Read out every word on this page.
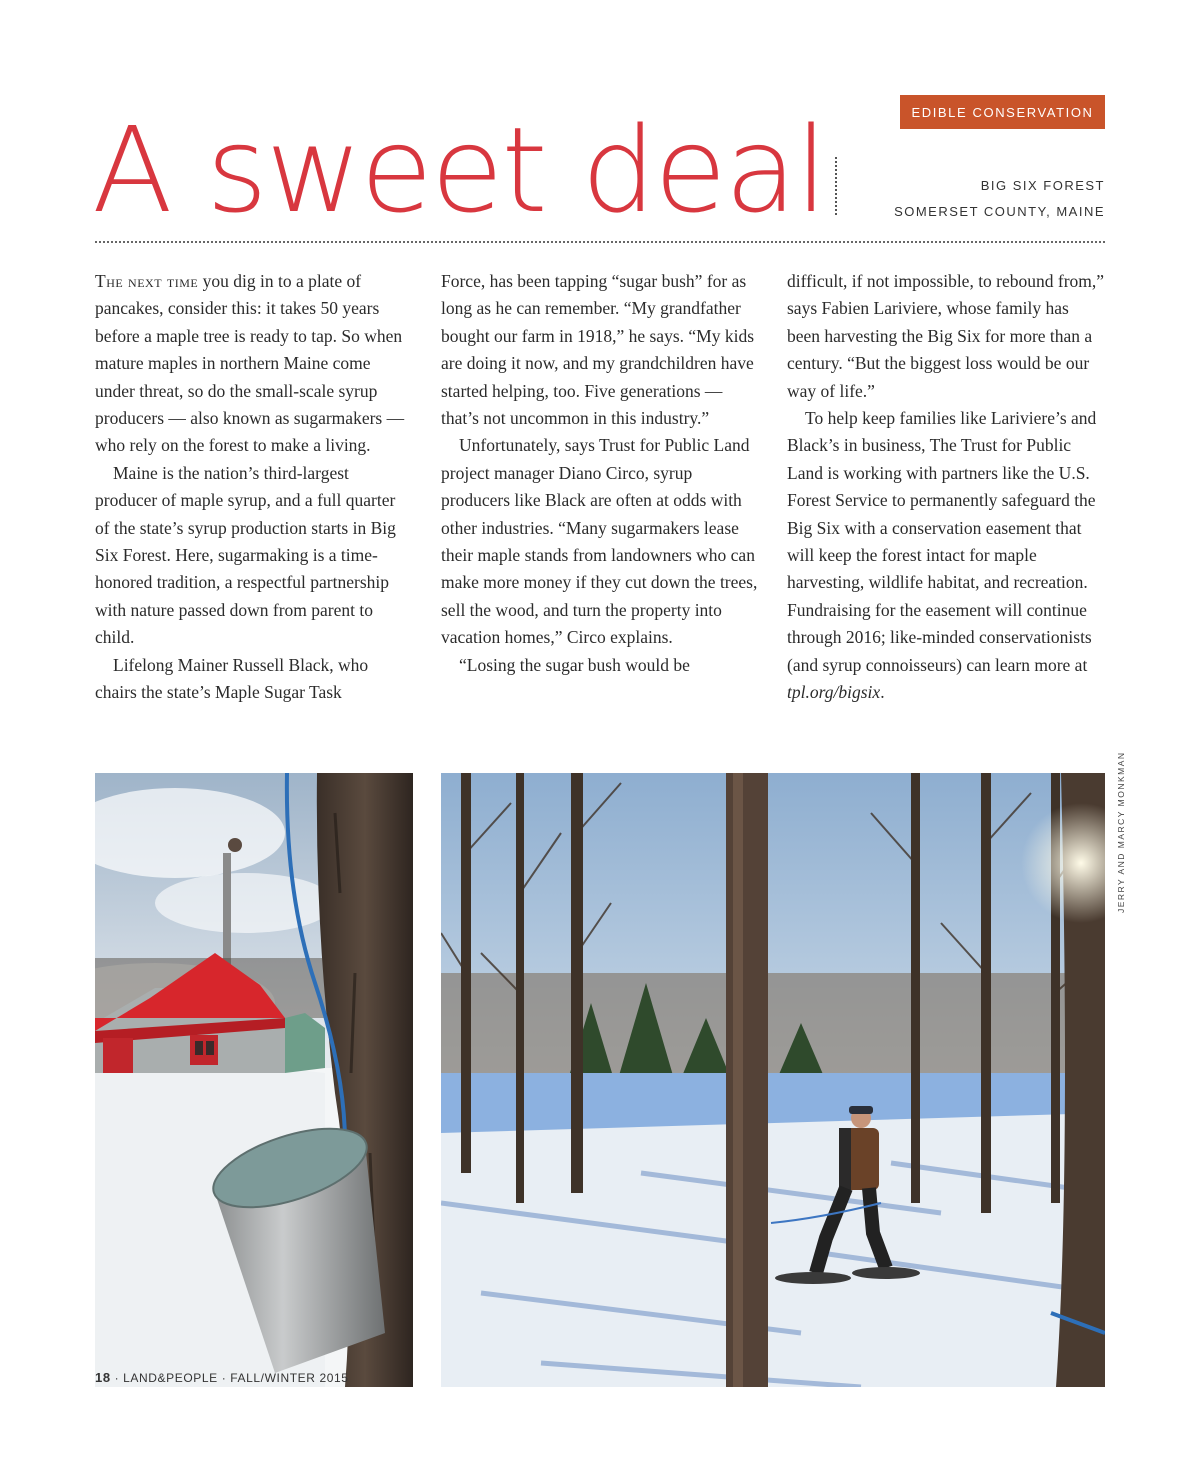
EDIBLE CONSERVATION
A sweet deal	BIG SIX FOREST
SOMERSET COUNTY, MAINE

The next time you dig in to a plate of pancakes, consider this: it takes 50 years before a maple tree is ready to tap. So when mature maples in northern Maine come under threat, so do the small-scale syrup producers — also known as sugarmakers — who rely on the forest to make a living.

Maine is the nation’s third-largest producer of maple syrup, and a full quarter of the state’s syrup production starts in Big Six Forest. Here, sugarmaking is a time-honored tradition, a respectful partnership with nature passed down from parent to child.

Lifelong Mainer Russell Black, who chairs the state’s Maple Sugar Task

Force, has been tapping “sugar bush” for as long as he can remember. “My grandfather bought our farm in 1918,” he says. “My kids are doing it now, and my grandchildren have started helping, too. Five generations — that’s not uncommon in this industry.”

Unfortunately, says Trust for Public Land project manager Diano Circo, syrup producers like Black are often at odds with other industries. “Many sugarmakers lease their maple stands from landowners who can make more money if they cut down the trees, sell the wood, and turn the property into vacation homes,” Circo explains.

“Losing the sugar bush would be

difficult, if not impossible, to rebound from,” says Fabien Lariviere, whose family has been harvesting the Big Six for more than a century. “But the biggest loss would be our way of life.”

To help keep families like Lariviere’s and Black’s in business, The Trust for Public Land is working with partners like the U.S. Forest Service to permanently safeguard the Big Six with a conservation easement that will keep the forest intact for maple harvesting, wildlife habitat, and recreation. Fundraising for the easement will continue through 2016; like-minded conservationists (and syrup connoisseurs) can learn more at tpl.org/bigsix.

JERRY AND MARCY MONKMAN
18 · LAND&PEOPLE · FALL/WINTER 2015
